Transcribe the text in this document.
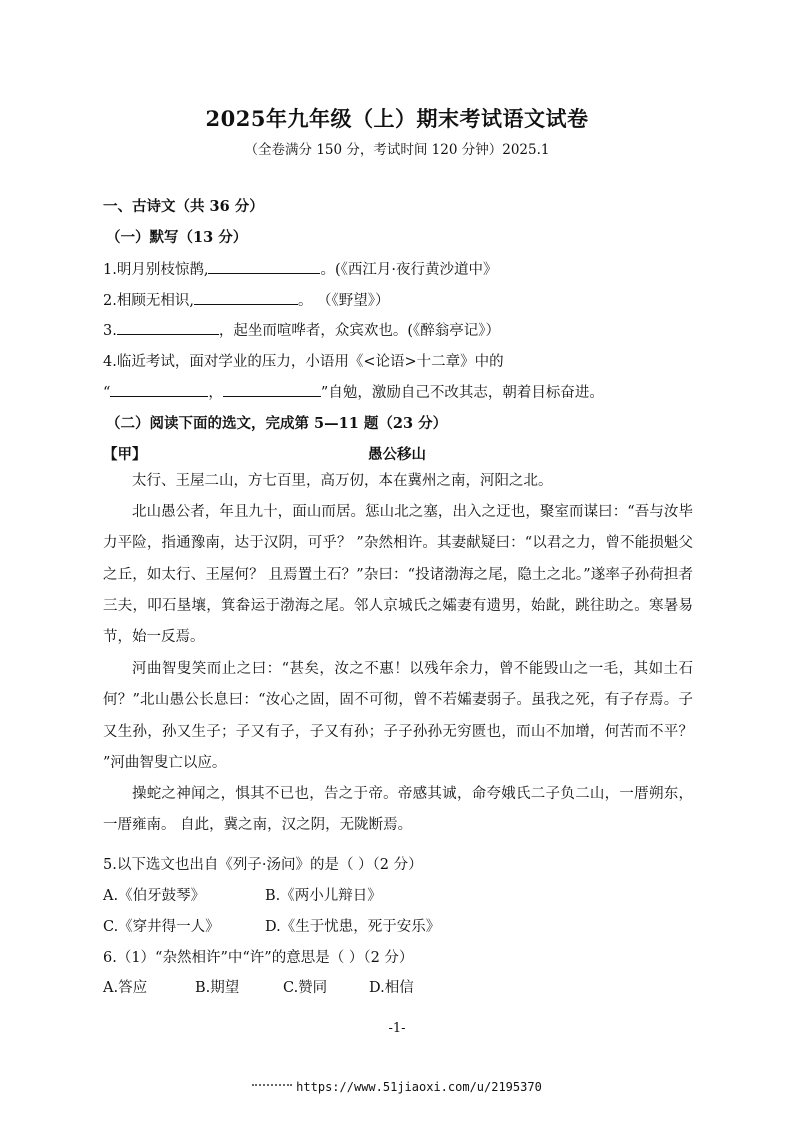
2025年九年级（上）期末考试语文试卷
（全卷满分 150 分，考试时间 120 分钟）2025.1
一、古诗文（共 36 分）
（一）默写（13 分）
1.明月别枝惊鹊,	。(《西江月·夜行黄沙道中》
2.相顾无相识,	。 （《野望》）
3.	，起坐而喧哗者，众宾欢也。(《醉翁亭记》）
4.临近考试，面对学业的压力，小语用《<论语>十二章》中的
“	，	”自勉，激励自己不改其志，朝着目标奋进。
（二）阅读下面的选文，完成第 5—11 题（23 分）
【甲】	愚公移山
太行、王屋二山，方七百里，高万仞，本在冀州之南，河阳之北。
北山愚公者，年且九十，面山而居。惩山北之塞，出入之迂也，聚室而谋曰：“吾与汝毕力平险，指通豫南，达于汉阴，可乎？ ”杂然相许。其妻献疑曰：“以君之力，曾不能损魁父之丘，如太行、王屋何？ 且焉置土石？”杂曰：“投诸渤海之尾，隐土之北。”遂率子孙荷担者三夫，叩石垦壤，箕畚运于渤海之尾。邻人京城氏之孀妻有遗男，始龀，跳往助之。寒暑易节，始一反焉。
河曲智叟笑而止之曰：“甚矣，汝之不惠！以残年余力，曾不能毁山之一毛，其如土石何？”北山愚公长息曰：“汝心之固，固不可彻，曾不若孀妻弱子。虽我之死，有子存焉。子又生孙，孙又生子；子又有子，子又有孙；子子孙孙无穷匮也，而山不加增，何苦而不平？ ”河曲智叟亡以应。
操蛇之神闻之，惧其不已也，告之于帝。帝感其诚，命夸娥氏二子负二山，一厝朔东，一厝雍南。 自此，冀之南，汉之阴，无陇断焉。
5.以下选文也出自《列子·汤问》的是（ ）（2 分）
A.《伯牙鼓琴》	B.《两小儿辩日》
C.《穿井得一人》	D.《生于忧患，死于安乐》
6.（1）“杂然相许”中“许”的意思是（ ）（2 分）
A.答应	B.期望	C.赞同	D.相信
-1-
https://www.51jiaoxi.com/u/2195370
